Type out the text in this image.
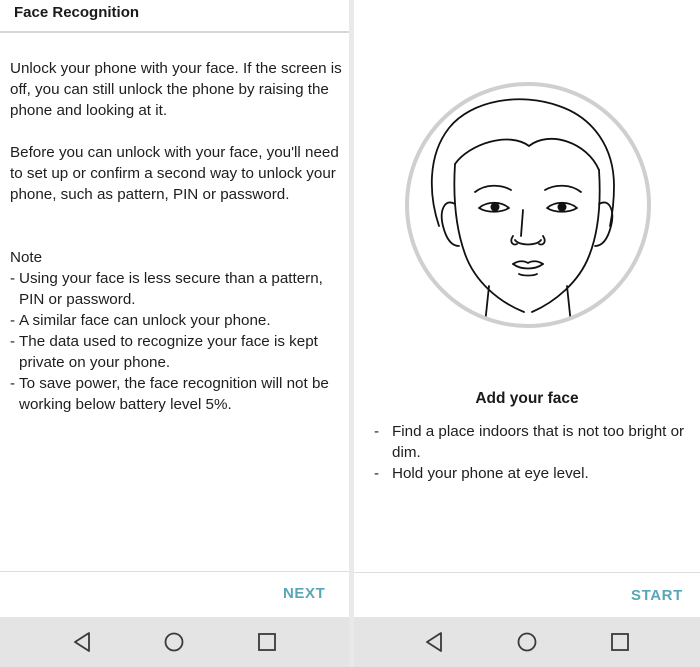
Face Recognition

Unlock your phone with your face. If the screen is off, you can still unlock the phone by raising the phone and looking at it.

Before you can unlock with your face, you'll need to set up or confirm a second way to unlock your phone, such as pattern, PIN or password.

Note

- Using your face is less secure than a pattern, PIN or password.
- A similar face can unlock your phone.
- The data used to recognize your face is kept private on your phone.
- To save power, the face recognition will not be working below battery level 5%.
NEXT
Add your face
- Find a place indoors that is not too bright or dim.
- Hold your phone at eye level.
START
